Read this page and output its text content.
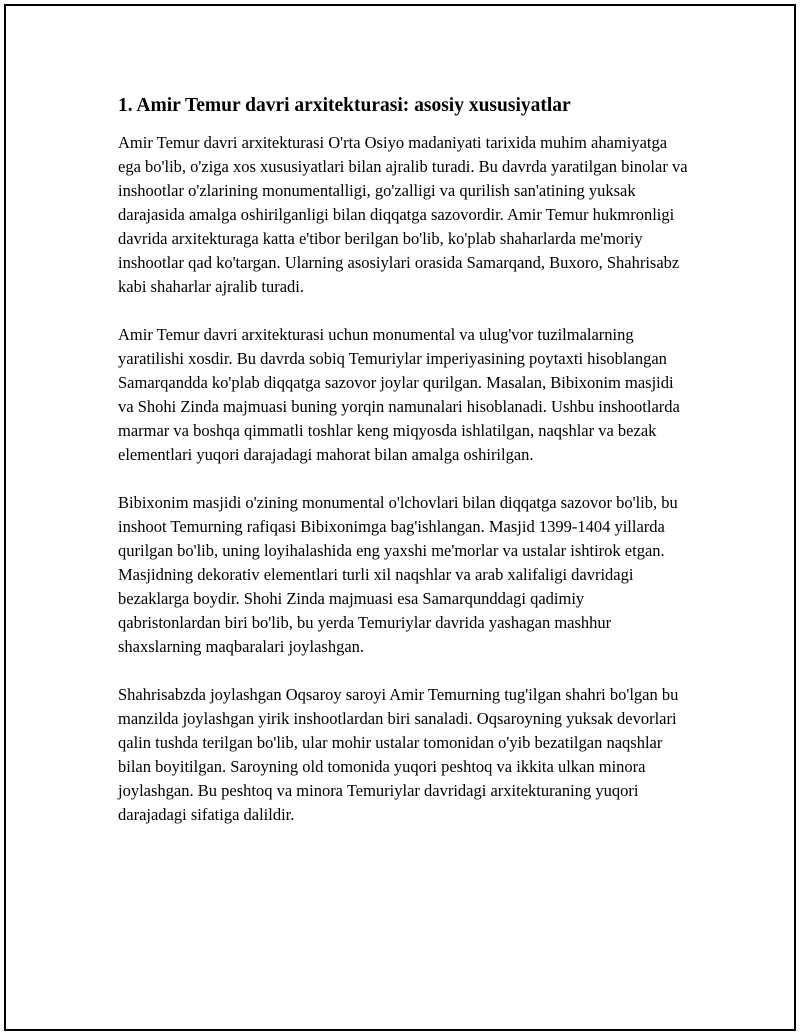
1. Amir Temur davri arxitekturasi: asosiy xususiyatlar

Amir Temur davri arxitekturasi O'rta Osiyo madaniyati tarixida muhim ahamiyatga ega bo'lib, o'ziga xos xususiyatlari bilan ajralib turadi. Bu davrda yaratilgan binolar va inshootlar o'zlarining monumentalligi, go'zalligi va qurilish san'atining yuksak darajasida amalga oshirilganligi bilan diqqatga sazovordir. Amir Temur hukmronligi davrida arxitekturaga katta e'tibor berilgan bo'lib, ko'plab shaharlarda me'moriy inshootlar qad ko'targan. Ularning asosiylari orasida Samarqand, Buxoro, Shahrisabz kabi shaharlar ajralib turadi.

Amir Temur davri arxitekturasi uchun monumental va ulug'vor tuzilmalarning yaratilishi xosdir. Bu davrda sobiq Temuriylar imperiyasining poytaxti hisoblangan Samarqandda ko'plab diqqatga sazovor joylar qurilgan. Masalan, Bibixonim masjidi va Shohi Zinda majmuasi buning yorqin namunalari hisoblanadi. Ushbu inshootlarda marmar va boshqa qimmatli toshlar keng miqyosda ishlatilgan, naqshlar va bezak elementlari yuqori darajadagi mahorat bilan amalga oshirilgan.

Bibixonim masjidi o'zining monumental o'lchovlari bilan diqqatga sazovor bo'lib, bu inshoot Temurning rafiqasi Bibixonimga bag'ishlangan. Masjid 1399-1404 yillarda qurilgan bo'lib, uning loyihalashida eng yaxshi me'morlar va ustalar ishtirok etgan. Masjidning dekorativ elementlari turli xil naqshlar va arab xalifaligi davridagi bezaklarga boydir. Shohi Zinda majmuasi esa Samarqunddagi qadimiy qabristonlardan biri bo'lib, bu yerda Temuriylar davrida yashagan mashhur shaxslarning maqbaralari joylashgan.

Shahrisabzda joylashgan Oqsaroy saroyi Amir Temurning tug'ilgan shahri bo'lgan bu manzilda joylashgan yirik inshootlardan biri sanaladi. Oqsaroyning yuksak devorlari qalin tushda terilgan bo'lib, ular mohir ustalar tomonidan o'yib bezatilgan naqshlar bilan boyitilgan. Saroyning old tomonida yuqori peshtoq va ikkita ulkan minora joylashgan. Bu peshtoq va minora Temuriylar davridagi arxitekturaning yuqori darajadagi sifatiga dalildir.
